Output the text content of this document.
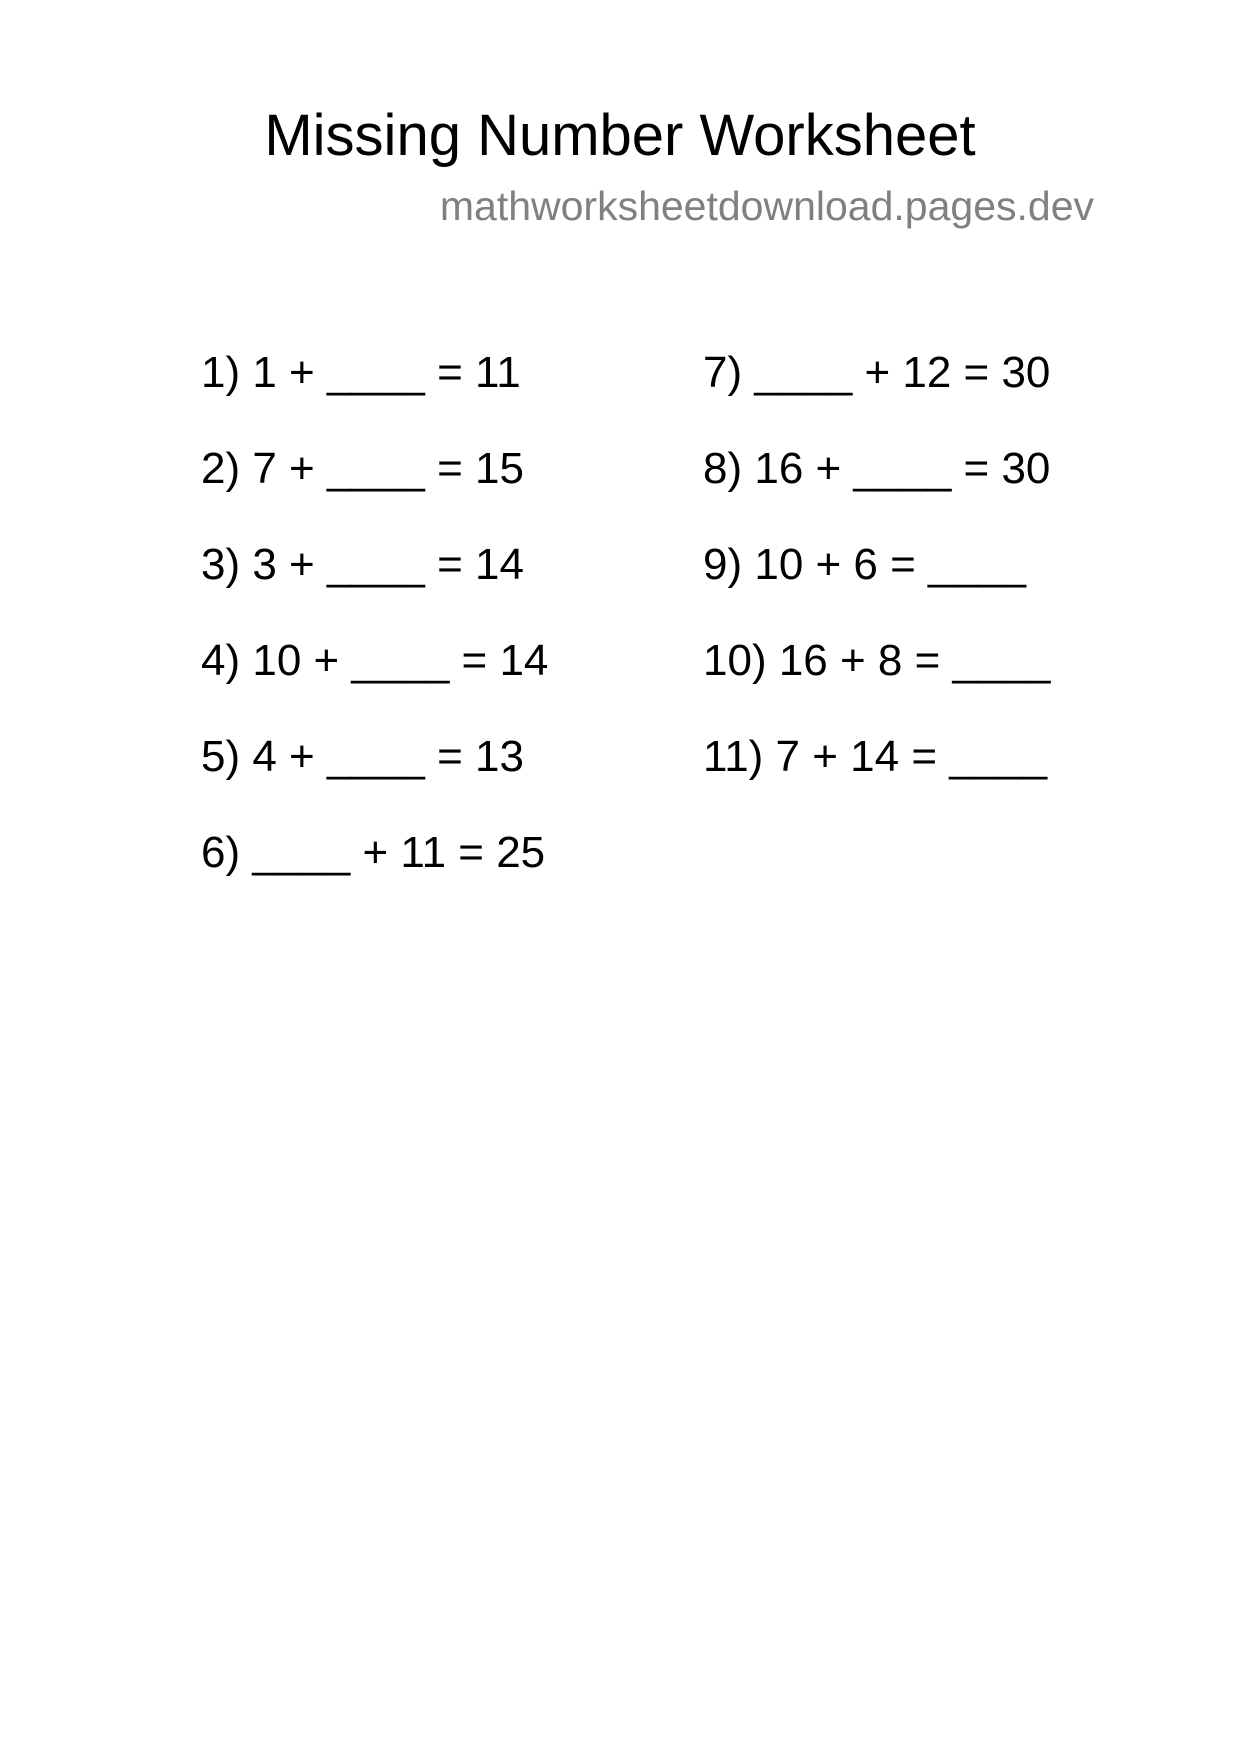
Missing Number Worksheet
mathworksheetdownload.pages.dev
1) 1 + ____ = 11
2) 7 + ____ = 15
3) 3 + ____ = 14
4) 10 + ____ = 14
5) 4 + ____ = 13
6) ____ + 11 = 25
7) ____ + 12 = 30
8) 16 + ____ = 30
9) 10 + 6 = ____
10) 16 + 8 = ____
11) 7 + 14 = ____
